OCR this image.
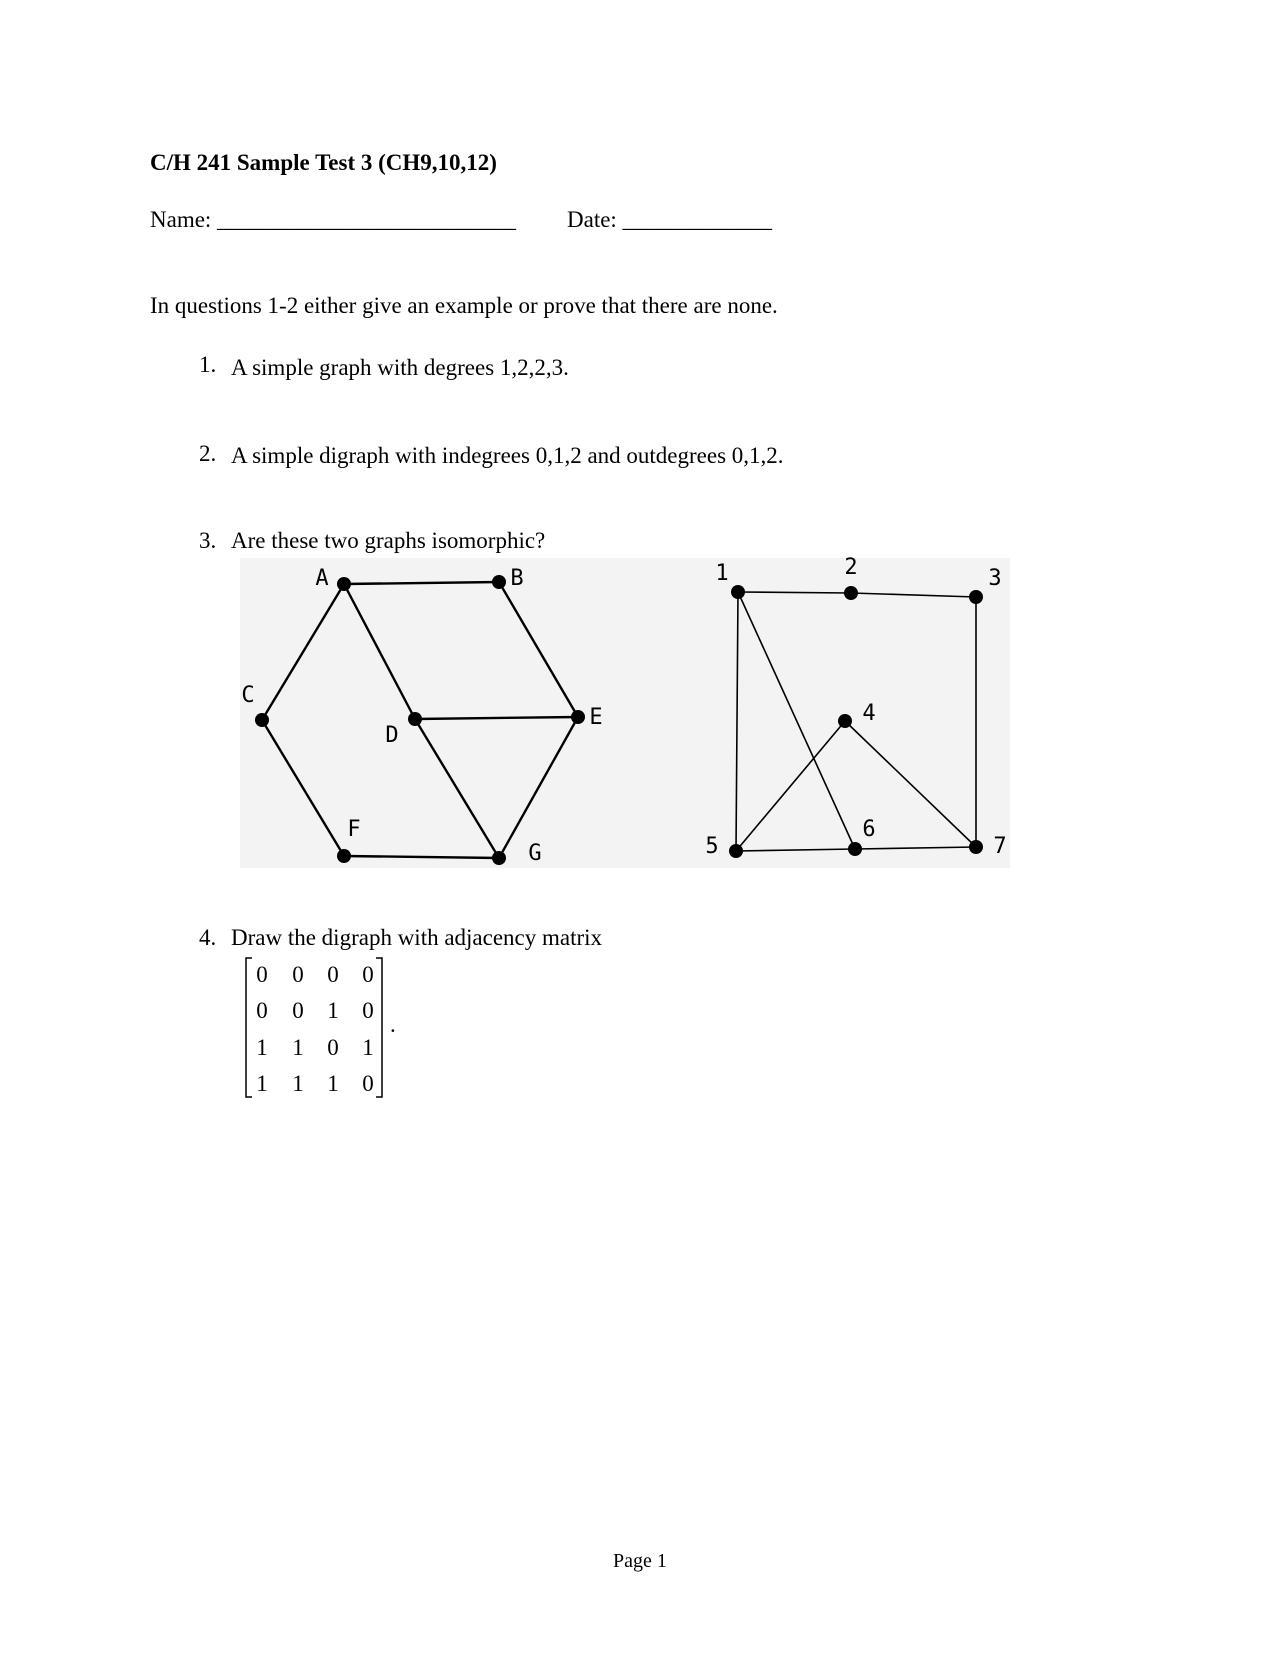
C/H 241 Sample Test 3 (CH9,10,12)
Name: __________________________ Date: _____________
In questions 1-2 either give an example or prove that there are none.
1. A simple graph with degrees 1,2,2,3.
2. A simple digraph with indegrees 0,1,2 and outdegrees 0,1,2.
3. Are these two graphs isomorphic?
A	B
C
D
E
F
G
1	2	3
4
5
6
7
4. Draw the digraph with adjacency matrix
0	0	0	0
0	0	1	0
1	1	0	1
1	1	1	0
.
Page 1
